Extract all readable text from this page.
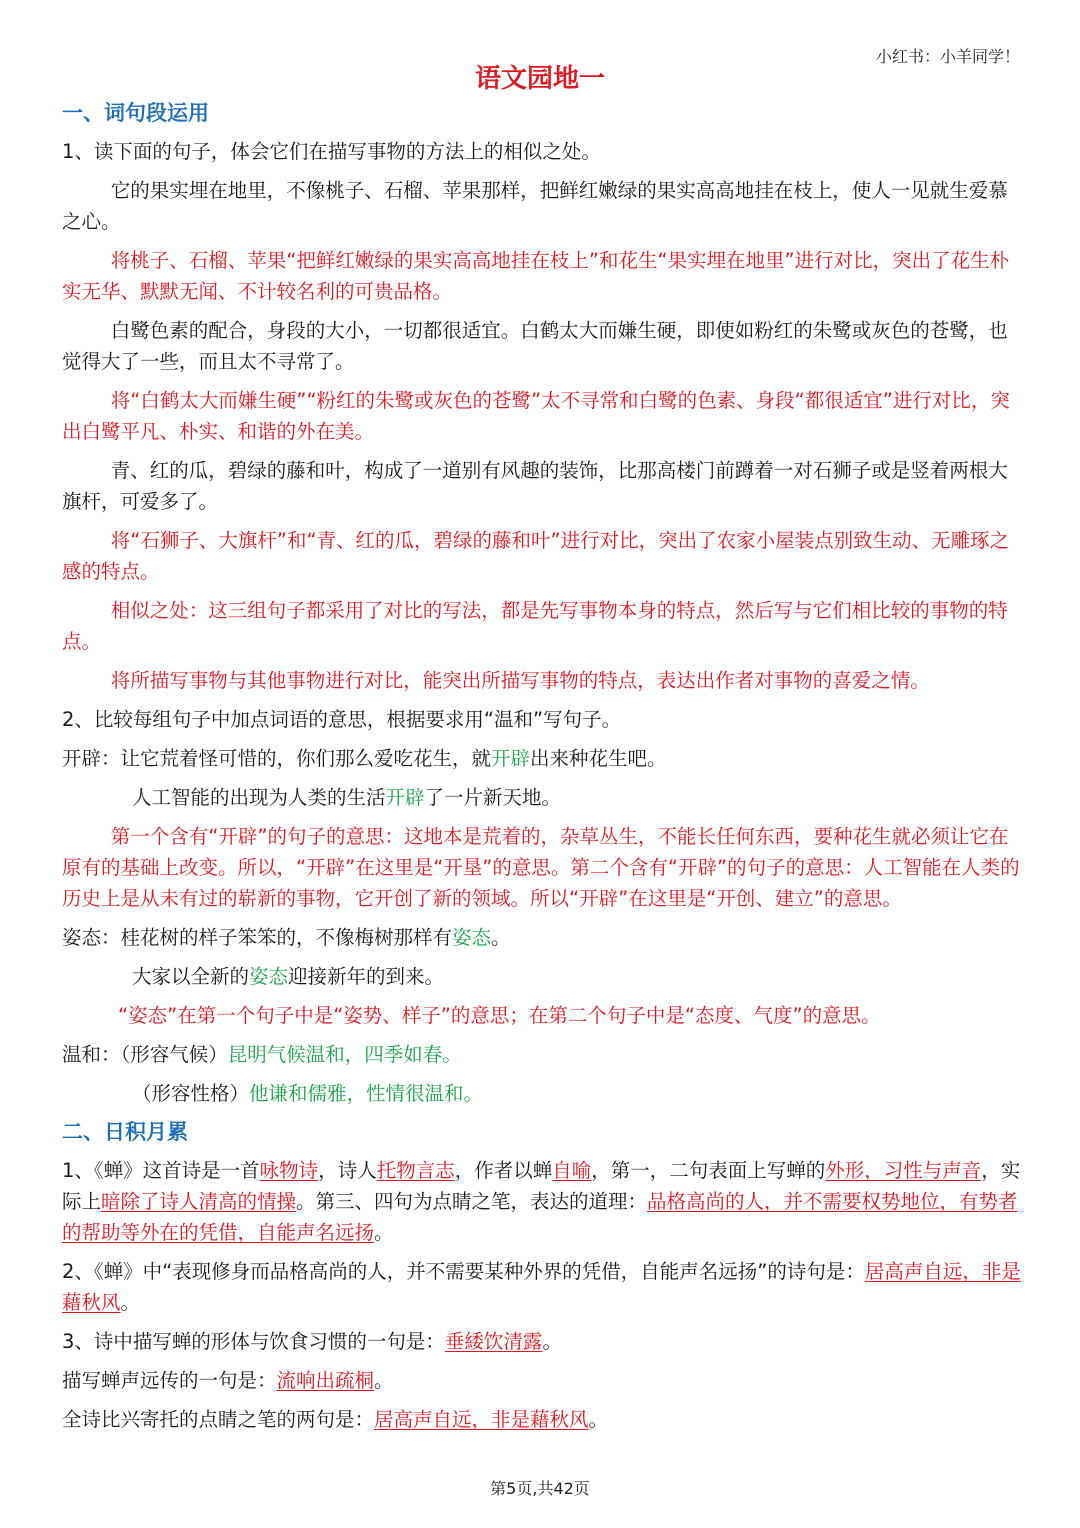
小红书：小羊同学！
语文园地一
一、词句段运用

1、读下面的句子，体会它们在描写事物的方法上的相似之处。

它的果实埋在地里，不像桃子、石榴、苹果那样，把鲜红嫩绿的果实高高地挂在枝上，使人一见就生爱慕之心。

将桃子、石榴、苹果“把鲜红嫩绿的果实高高地挂在枝上”和花生“果实埋在地里”进行对比，突出了花生朴实无华、默默无闻、不计较名利的可贵品格。

白鹭色素的配合，身段的大小，一切都很适宜。白鹤太大而嫌生硬，即使如粉红的朱鹭或灰色的苍鹭，也觉得大了一些，而且太不寻常了。

将“白鹤太大而嫌生硬”“粉红的朱鹭或灰色的苍鹭”太不寻常和白鹭的色素、身段“都很适宜”进行对比，突出白鹭平凡、朴实、和谐的外在美。

青、红的瓜，碧绿的藤和叶，构成了一道别有风趣的装饰，比那高楼门前蹲着一对石狮子或是竖着两根大旗杆，可爱多了。

将“石狮子、大旗杆”和“青、红的瓜，碧绿的藤和叶”进行对比，突出了农家小屋装点别致生动、无雕琢之感的特点。

相似之处：这三组句子都采用了对比的写法，都是先写事物本身的特点，然后写与它们相比较的事物的特点。

将所描写事物与其他事物进行对比，能突出所描写事物的特点，表达出作者对事物的喜爱之情。

2、比较每组句子中加点词语的意思，根据要求用“温和”写句子。

开辟：让它荒着怪可惜的，你们那么爱吃花生，就开辟出来种花生吧。

人工智能的出现为人类的生活开辟了一片新天地。

第一个含有“开辟”的句子的意思：这地本是荒着的，杂草丛生，不能长任何东西，要种花生就必须让它在原有的基础上改变。所以，“开辟”在这里是“开垦”的意思。第二个含有“开辟”的句子的意思：人工智能在人类的历史上是从未有过的崭新的事物，它开创了新的领域。所以“开辟”在这里是“开创、建立”的意思。

姿态：桂花树的样子笨笨的，不像梅树那样有姿态。

大家以全新的姿态迎接新年的到来。

“姿态”在第一个句子中是“姿势、样子”的意思；在第二个句子中是“态度、气度”的意思。

温和：（形容气候）昆明气候温和，四季如春。

（形容性格）他谦和儒雅，性情很温和。

二、日积月累

1、《蝉》这首诗是一首咏物诗，诗人托物言志，作者以蝉自喻，第一，二句表面上写蝉的外形，习性与声音，实际上暗除了诗人清高的情操。第三、四句为点睛之笔，表达的道理：品格高尚的人，并不需要权势地位，有势者的帮助等外在的凭借，自能声名远扬。

2、《蝉》中“表现修身而品格高尚的人，并不需要某种外界的凭借，自能声名远扬”的诗句是：居高声自远，非是藉秋风。

3、诗中描写蝉的形体与饮食习惯的一句是：垂緌饮清露。

描写蝉声远传的一句是：流响出疏桐。

全诗比兴寄托的点睛之笔的两句是：居高声自远，非是藉秋风。

第5页,共42页
